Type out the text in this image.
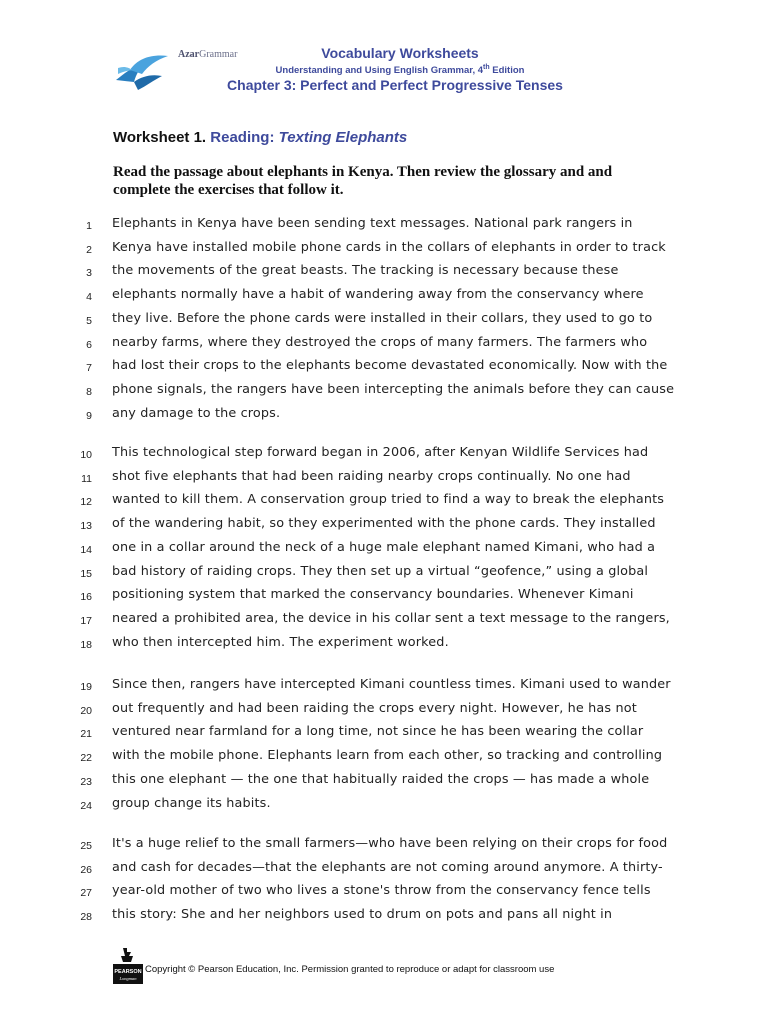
AzarGrammar	Vocabulary Worksheets
Understanding and Using English Grammar, 4th Edition
Chapter 3: Perfect and Perfect Progressive Tenses
Worksheet 1. Reading: Texting Elephants
Read the passage about elephants in Kenya. Then review the glossary and and complete the exercises that follow it.
1 Elephants in Kenya have been sending text messages. National park rangers in
2 Kenya have installed mobile phone cards in the collars of elephants in order to track
3 the movements of the great beasts. The tracking is necessary because these
4 elephants normally have a habit of wandering away from the conservancy where
5 they live. Before the phone cards were installed in their collars, they used to go to
6 nearby farms, where they destroyed the crops of many farmers. The farmers who
7 had lost their crops to the elephants become devastated economically. Now with the
8 phone signals, the rangers have been intercepting the animals before they can cause
9 any damage to the crops.
10 This technological step forward began in 2006, after Kenyan Wildlife Services had
11 shot five elephants that had been raiding nearby crops continually. No one had
12 wanted to kill them. A conservation group tried to find a way to break the elephants
13 of the wandering habit, so they experimented with the phone cards. They installed
14 one in a collar around the neck of a huge male elephant named Kimani, who had a
15 bad history of raiding crops. They then set up a virtual “geofence,” using a global
16 positioning system that marked the conservancy boundaries. Whenever Kimani
17 neared a prohibited area, the device in his collar sent a text message to the rangers,
18 who then intercepted him. The experiment worked.
19 Since then, rangers have intercepted Kimani countless times. Kimani used to wander
20 out frequently and had been raiding the crops every night. However, he has not
21 ventured near farmland for a long time, not since he has been wearing the collar
22 with the mobile phone. Elephants learn from each other, so tracking and controlling
23 this one elephant — the one that habitually raided the crops — has made a whole
24 group change its habits.
25 It's a huge relief to the small farmers—who have been relying on their crops for food
26 and cash for decades—that the elephants are not coming around anymore. A thirty-
27 year-old mother of two who lives a stone's throw from the conservancy fence tells
28 this story: She and her neighbors used to drum on pots and pans all night in
PEARSON
Longman
Copyright © Pearson Education, Inc. Permission granted to reproduce or adapt for classroom use
